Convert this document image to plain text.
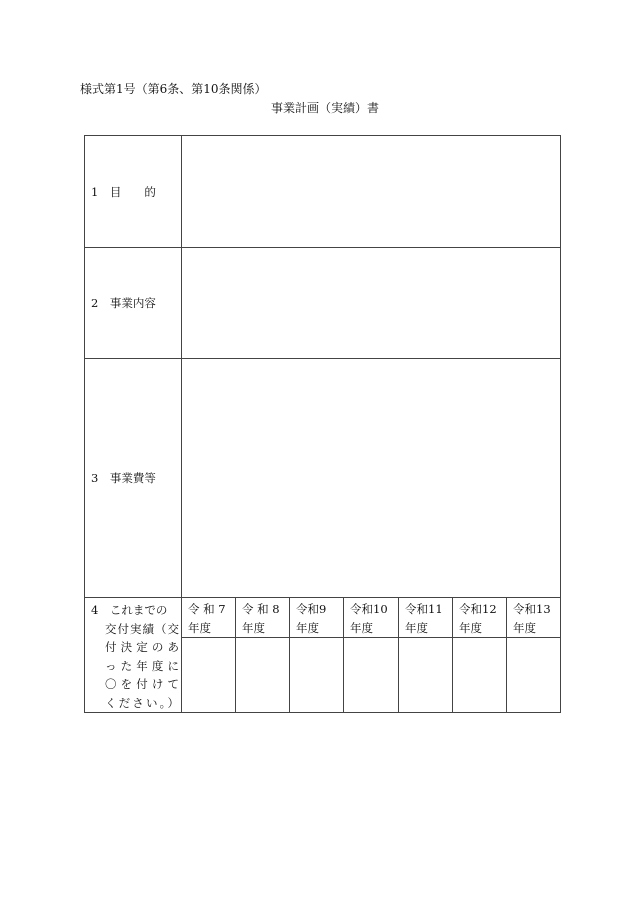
様式第1号（第6条、第10条関係）
事業計画（実績）書
1　目　　的
2　事業内容
3　事業費等
4　これまでの
交付実績（交
付決定のあ
った年度に
〇を付けて
ください。）
令 和 7
年度
令 和 8
年度
令和9
年度
令和10
年度
令和11
年度
令和12
年度
令和13
年度
